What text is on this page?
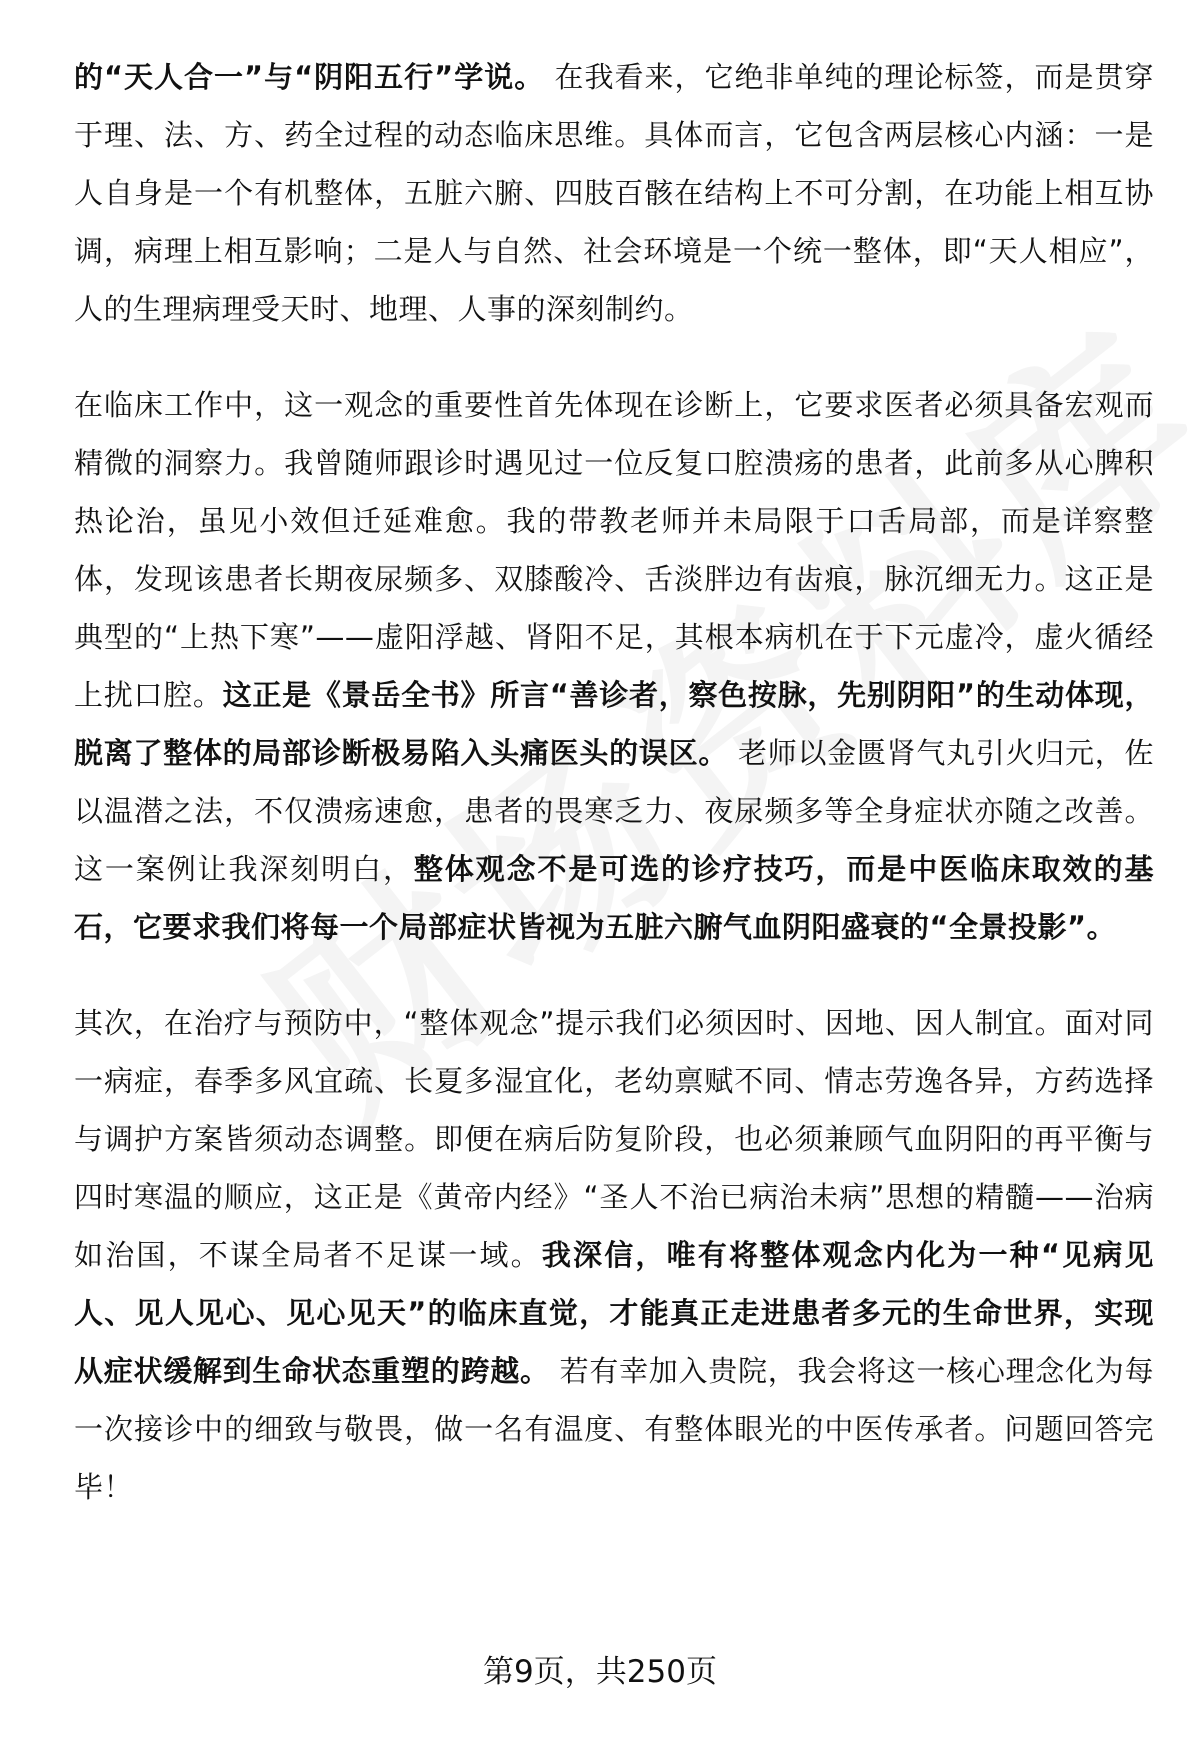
的“天人合一”与“阴阳五行”学说。 在我看来，它绝非单纯的理论标签，而是贯穿于理、法、方、药全过程的动态临床思维。具体而言，它包含两层核心内涵：一是人自身是一个有机整体，五脏六腑、四肢百骸在结构上不可分割，在功能上相互协调，病理上相互影响；二是人与自然、社会环境是一个统一整体，即“天人相应”，人的生理病理受天时、地理、人事的深刻制约。

在临床工作中，这一观念的重要性首先体现在诊断上，它要求医者必须具备宏观而精微的洞察力。我曾随师跟诊时遇见过一位反复口腔溃疡的患者，此前多从心脾积热论治，虽见小效但迁延难愈。我的带教老师并未局限于口舌局部，而是详察整体，发现该患者长期夜尿频多、双膝酸冷、舌淡胖边有齿痕，脉沉细无力。这正是典型的“上热下寒”——虚阳浮越、肾阳不足，其根本病机在于下元虚冷，虚火循经上扰口腔。这正是《景岳全书》所言“善诊者，察色按脉，先别阴阳”的生动体现，脱离了整体的局部诊断极易陷入头痛医头的误区。 老师以金匮肾气丸引火归元，佐以温潜之法，不仅溃疡速愈，患者的畏寒乏力、夜尿频多等全身症状亦随之改善。这一案例让我深刻明白，整体观念不是可选的诊疗技巧，而是中医临床取效的基石，它要求我们将每一个局部症状皆视为五脏六腑气血阴阳盛衰的“全景投影”。

其次，在治疗与预防中，“整体观念”提示我们必须因时、因地、因人制宜。面对同一病症，春季多风宜疏、长夏多湿宜化，老幼禀赋不同、情志劳逸各异，方药选择与调护方案皆须动态调整。即便在病后防复阶段，也必须兼顾气血阴阳的再平衡与四时寒温的顺应，这正是《黄帝内经》“圣人不治已病治未病”思想的精髓——治病如治国，不谋全局者不足谋一域。我深信，唯有将整体观念内化为一种“见病见人、见人见心、见心见天”的临床直觉，才能真正走进患者多元的生命世界，实现从症状缓解到生命状态重塑的跨越。 若有幸加入贵院，我会将这一核心理念化为每一次接诊中的细致与敬畏，做一名有温度、有整体眼光的中医传承者。问题回答完毕！

第9页，共250页
